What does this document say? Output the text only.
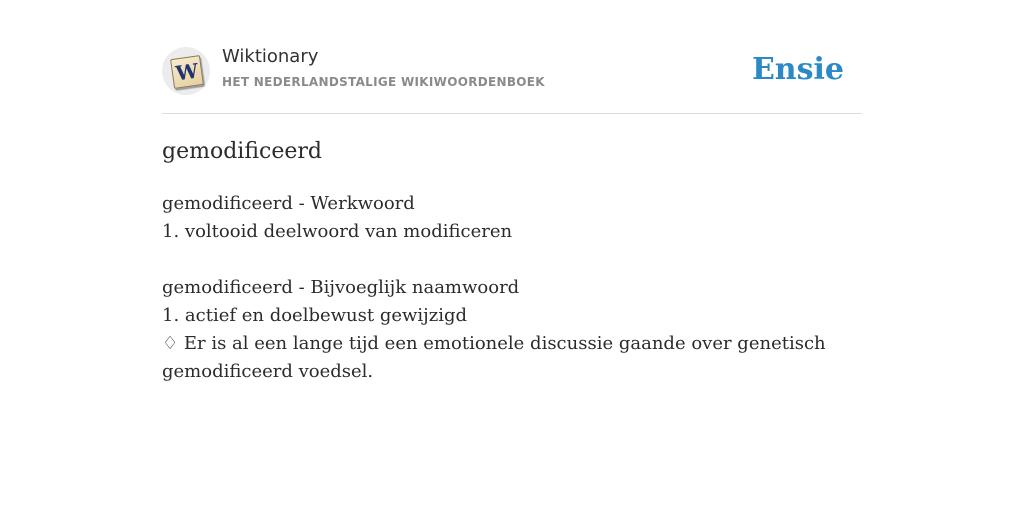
W
Wiktionary
HET NEDERLANDSTALIGE WIKIWOORDENBOEK	Ensie
gemodificeerd
gemodificeerd - Werkwoord
1. voltooid deelwoord van modificeren
gemodificeerd - Bijvoeglijk naamwoord
1. actief en doelbewust gewijzigd
♢ Er is al een lange tijd een emotionele discussie gaande over genetisch gemodificeerd voedsel.
